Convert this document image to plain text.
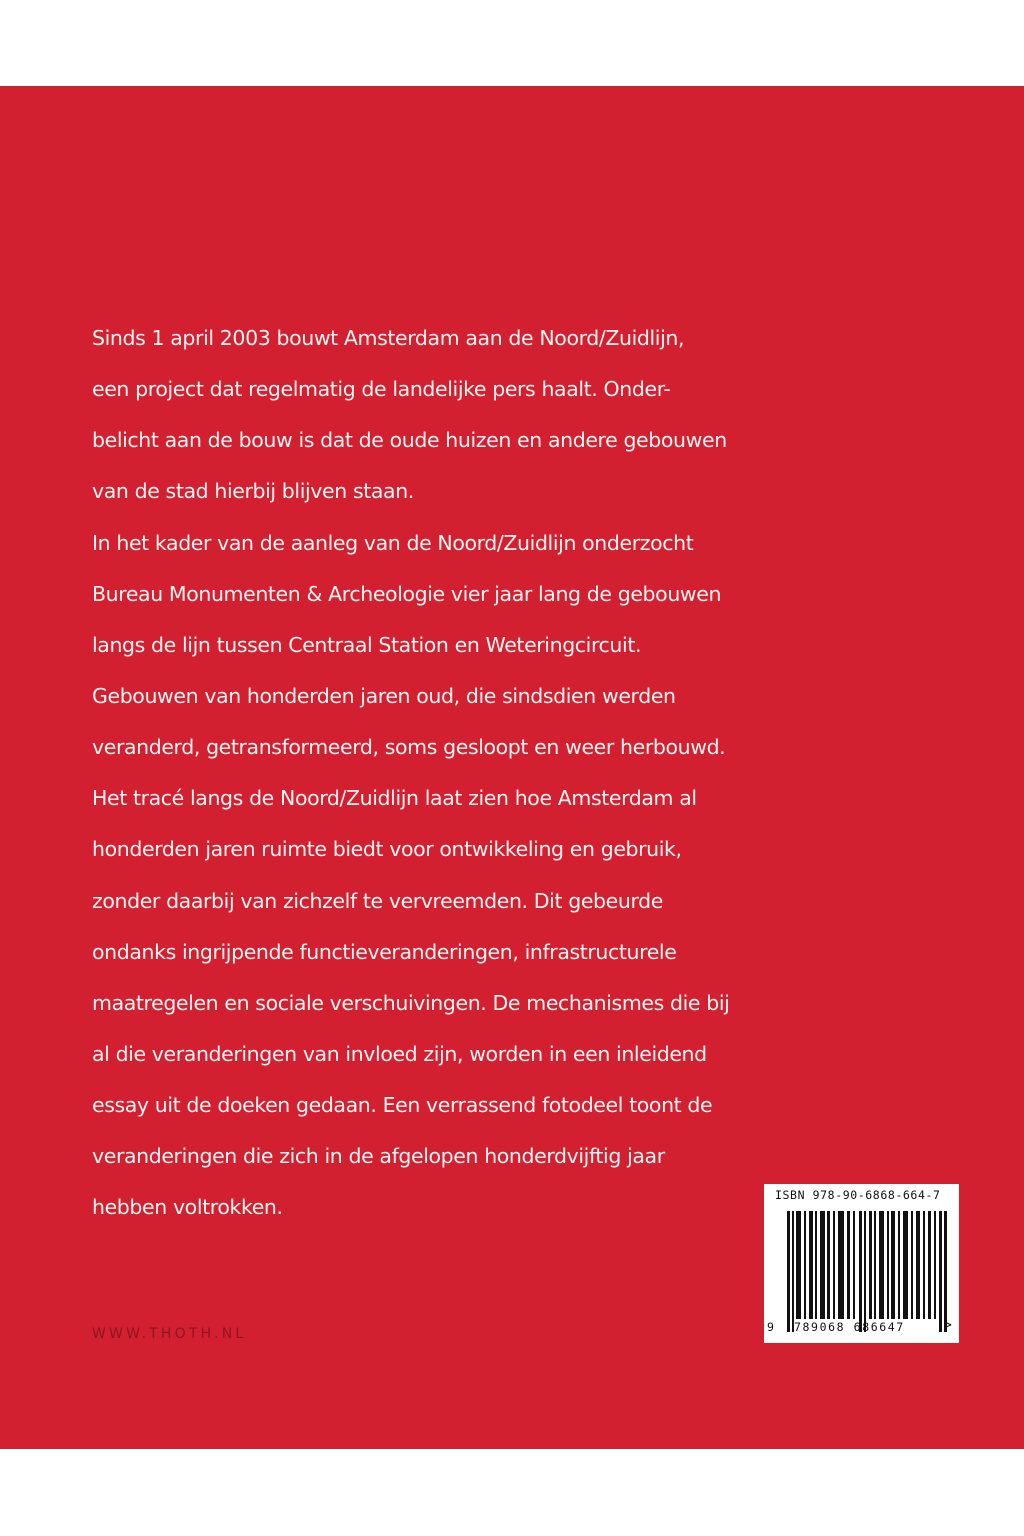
Sinds 1 april 2003 bouwt Amsterdam aan de Noord/Zuidlijn,
een project dat regelmatig de landelijke pers haalt. Onder-
belicht aan de bouw is dat de oude huizen en andere gebouwen
van de stad hierbij blijven staan.
In het kader van de aanleg van de Noord/Zuidlijn onderzocht
Bureau Monumenten & Archeologie vier jaar lang de gebouwen
langs de lijn tussen Centraal Station en Weteringcircuit.
Gebouwen van honderden jaren oud, die sindsdien werden
veranderd, getransformeerd, soms gesloopt en weer herbouwd.
Het tracé langs de Noord/Zuidlijn laat zien hoe Amsterdam al
honderden jaren ruimte biedt voor ontwikkeling en gebruik,
zonder daarbij van zichzelf te vervreemden. Dit gebeurde
ondanks ingrijpende functieveranderingen, infrastructurele
maatregelen en sociale verschuivingen. De mechanismes die bij
al die veranderingen van invloed zijn, worden in een inleidend
essay uit de doeken gedaan. Een verrassend fotodeel toont de
veranderingen die zich in de afgelopen honderdvijftig jaar
hebben voltrokken.
WWW.THOTH.NL
ISBN 978-90-6868-664-7
9 789068 686647	>
